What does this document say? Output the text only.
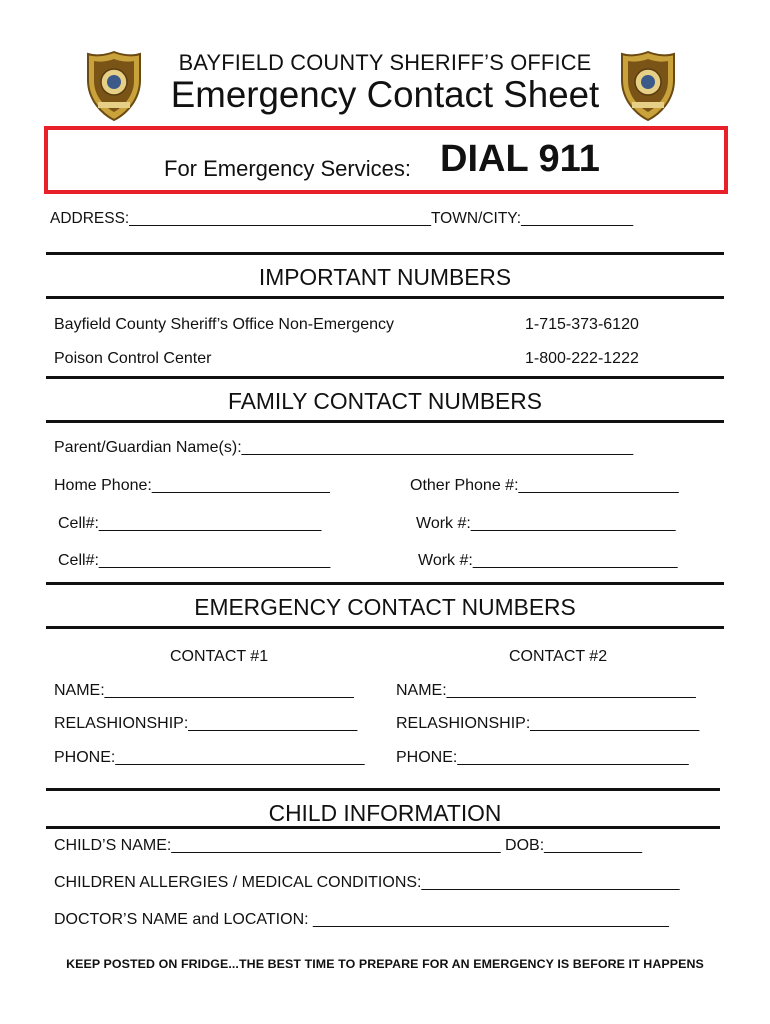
BAYFIELD COUNTY SHERIFF’S OFFICE
Emergency Contact Sheet
For Emergency Services: DIAL 911
ADDRESS:___________________________________TOWN/CITY:_____________
IMPORTANT NUMBERS
Bayfield County Sheriff’s Office Non-Emergency	1-715-373-6120
Poison Control Center	1-800-222-1222
FAMILY CONTACT NUMBERS
Parent/Guardian Name(s):____________________________________________
Home Phone:____________________	Other Phone #:__________________
Cell#:_________________________	Work #:_______________________
Cell#:__________________________	Work #:_______________________
EMERGENCY CONTACT NUMBERS
CONTACT #1	CONTACT #2
NAME:____________________________	NAME:____________________________
RELASHIONSHIP:___________________ RELASHIONSHIP:___________________
PHONE:____________________________ PHONE:__________________________
CHILD INFORMATION
CHILD’S NAME:_____________________________________ DOB:___________
CHILDREN ALLERGIES / MEDICAL CONDITIONS:_____________________________
DOCTOR’S NAME and LOCATION: ________________________________________
KEEP POSTED ON FRIDGE...THE BEST TIME TO PREPARE FOR AN EMERGENCY IS BEFORE IT HAPPENS
